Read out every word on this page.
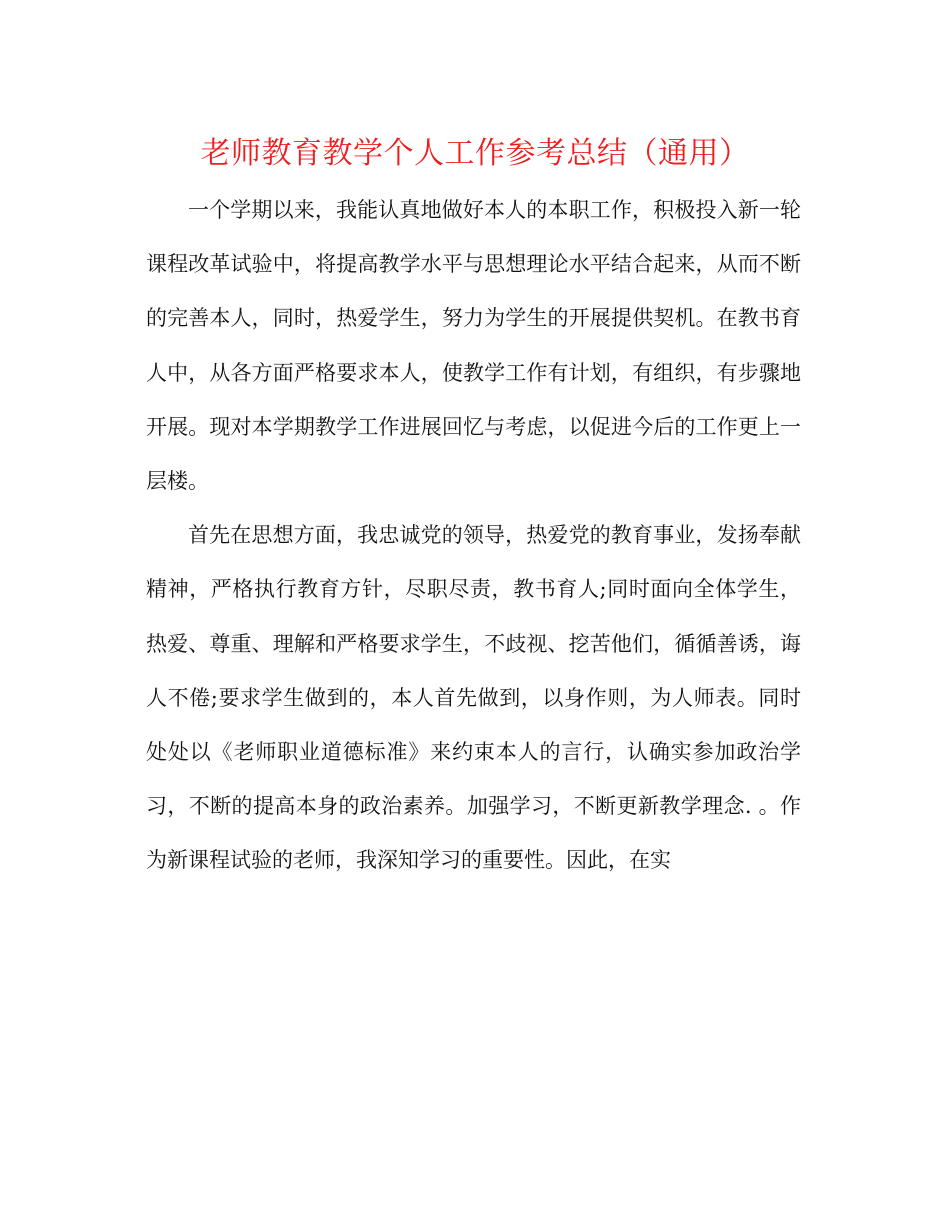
老师教育教学个人工作参考总结（通用）

一个学期以来，我能认真地做好本人的本职工作，积极投入新一轮课程改革试验中，将提高教学水平与思想理论水平结合起来，从而不断的完善本人，同时，热爱学生，努力为学生的开展提供契机。在教书育人中，从各方面严格要求本人，使教学工作有计划，有组织，有步骤地开展。现对本学期教学工作进展回忆与考虑，以促进今后的工作更上一层楼。

首先在思想方面，我忠诚党的领导，热爱党的教育事业，发扬奉献精神，严格执行教育方针，尽职尽责，教书育人;同时面向全体学生，热爱、尊重、理解和严格要求学生，不歧视、挖苦他们，循循善诱，诲人不倦;要求学生做到的，本人首先做到，以身作则，为人师表。同时处处以《老师职业道德标准》来约束本人的言行，认确实参加政治学习，不断的提高本身的政治素养。加强学习，不断更新教学理念. 。作为新课程试验的老师，我深知学习的重要性。因此，在实
